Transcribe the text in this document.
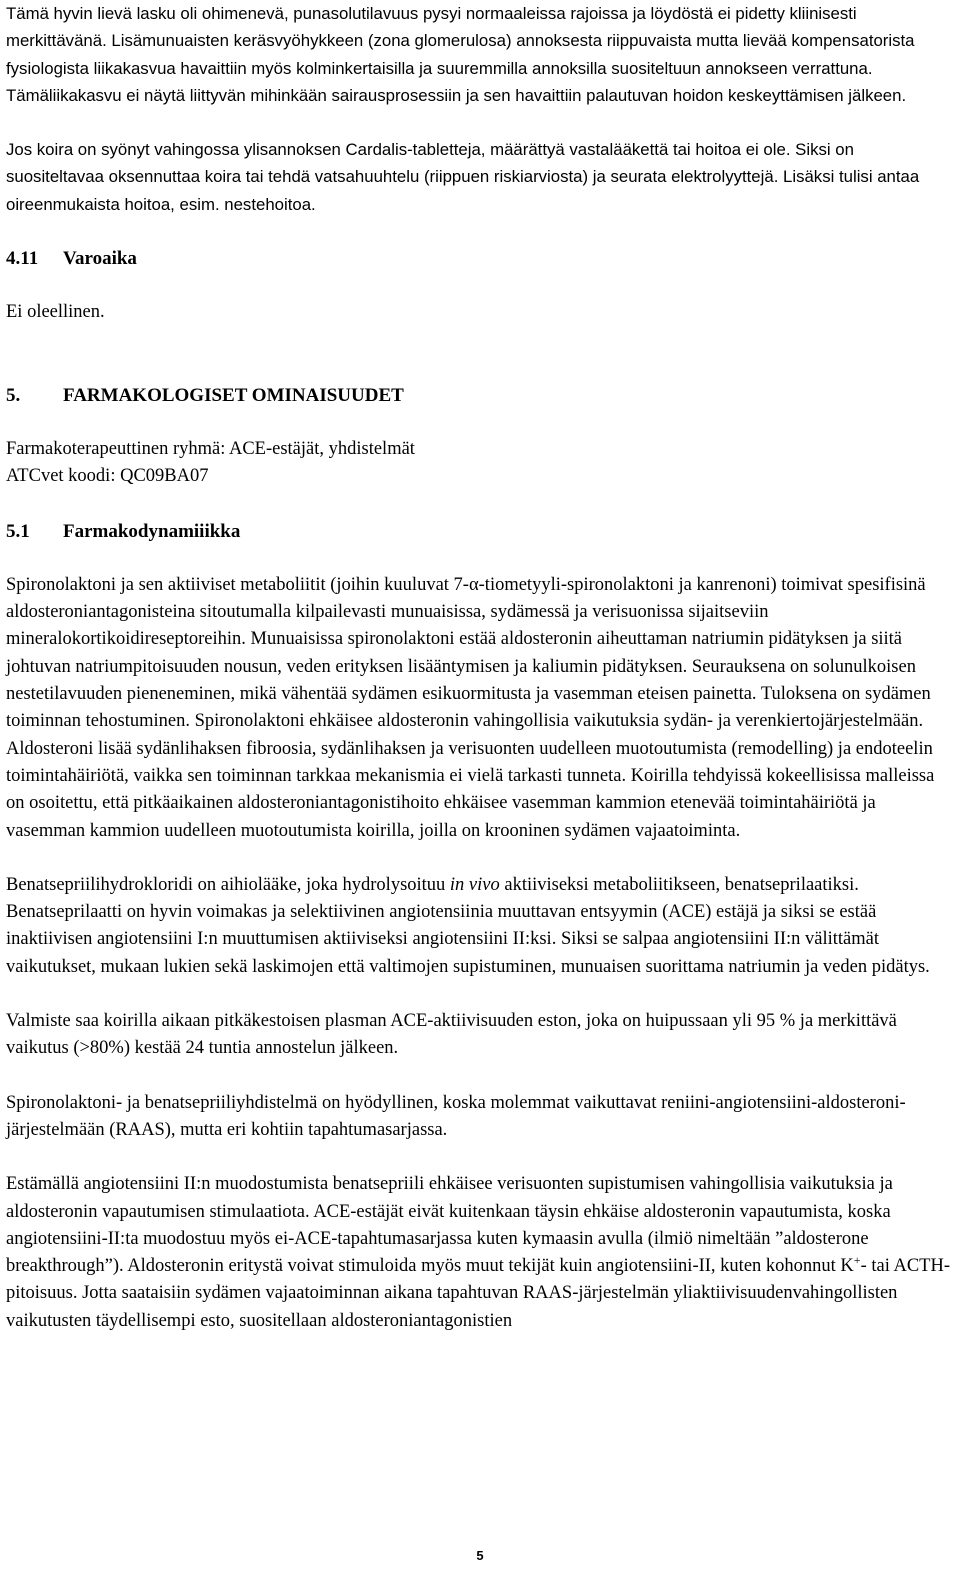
Tämä hyvin lievä lasku oli ohimenevä, punasolutilavuus pysyi normaaleissa rajoissa ja löydöstä ei pidetty kliinisesti merkittävänä. Lisämunuaisten keräsvyöhykkeen (zona glomerulosa) annoksesta riippuvaista mutta lievää kompensatorista fysiologista liikakasvua havaittiin myös kolminkertaisilla ja suuremmilla annoksilla suositeltuun annokseen verrattuna. Tämäliikakasvu ei näytä liittyvän mihinkään sairausprosessiin ja sen havaittiin palautuvan hoidon keskeyttämisen jälkeen.

Jos koira on syönyt vahingossa ylisannoksen Cardalis-tabletteja, määrättyä vastalääkettä tai hoitoa ei ole. Siksi on suositeltavaa oksennuttaa koira tai tehdä vatsahuuhtelu (riippuen riskiarviosta) ja seurata elektrolyyttejä. Lisäksi tulisi antaa oireenmukaista hoitoa, esim. nestehoitoa.

4.11	Varoaika

Ei oleellinen.

5.	FARMAKOLOGISET OMINAISUUDET

Farmakoterapeuttinen ryhmä: ACE-estäjät, yhdistelmät
ATCvet koodi: QC09BA07

5.1	Farmakodynamiiikka

Spironolaktoni ja sen aktiiviset metaboliitit (joihin kuuluvat 7-α-tiometyyli-spironolaktoni ja kanrenoni) toimivat spesifisinä aldosteroniantagonisteina sitoutumalla kilpailevasti munuaisissa, sydämessä ja verisuonissa sijaitseviin mineralokortikoidireseptoreihin. Munuaisissa spironolaktoni estää aldosteronin aiheuttaman natriumin pidätyksen ja siitä johtuvan natriumpitoisuuden nousun, veden erityksen lisääntymisen ja kaliumin pidätyksen. Seurauksena on solunulkoisen nestetilavuuden pieneneminen, mikä vähentää sydämen esikuormitusta ja vasemman eteisen painetta. Tuloksena on sydämen toiminnan tehostuminen. Spironolaktoni ehkäisee aldosteronin vahingollisia vaikutuksia sydän- ja verenkiertojärjestelmään. Aldosteroni lisää sydänlihaksen fibroosia, sydänlihaksen ja verisuonten uudelleen muotoutumista (remodelling) ja endoteelin toimintahäiriötä, vaikka sen toiminnan tarkkaa mekanismia ei vielä tarkasti tunneta. Koirilla tehdyissä kokeellisissa malleissa on osoitettu, että pitkäaikainen aldosteroniantagonistihoito ehkäisee vasemman kammion etenevää toimintahäiriötä ja vasemman kammion uudelleen muotoutumista koirilla, joilla on krooninen sydämen vajaatoiminta.

Benatsepriilihydrokloridi on aihiolääke, joka hydrolysoituu in vivo aktiiviseksi metaboliitikseen, benatseprilaatiksi. Benatseprilaatti on hyvin voimakas ja selektiivinen angiotensiinia muuttavan entsyymin (ACE) estäjä ja siksi se estää inaktiivisen angiotensiini I:n muuttumisen aktiiviseksi angiotensiini II:ksi. Siksi se salpaa angiotensiini II:n välittämät vaikutukset, mukaan lukien sekä laskimojen että valtimojen supistuminen, munuaisen suorittama natriumin ja veden pidätys.

Valmiste saa koirilla aikaan pitkäkestoisen plasman ACE-aktiivisuuden eston, joka on huipussaan yli 95 % ja merkittävä vaikutus (>80%) kestää 24 tuntia annostelun jälkeen.

Spironolaktoni- ja benatsepriiliyhdistelmä on hyödyllinen, koska molemmat vaikuttavat reniini-angiotensiini-aldosteroni-järjestelmään (RAAS), mutta eri kohtiin tapahtumasarjassa.

Estämällä angiotensiini II:n muodostumista benatsepriili ehkäisee verisuonten supistumisen vahingollisia vaikutuksia ja aldosteronin vapautumisen stimulaatiota. ACE-estäjät eivät kuitenkaan täysin ehkäise aldosteronin vapautumista, koska angiotensiini-II:ta muodostuu myös ei-ACE-tapahtumasarjassa kuten kymaasin avulla (ilmiö nimeltään ”aldosterone breakthrough”). Aldosteronin eritystä voivat stimuloida myös muut tekijät kuin angiotensiini-II, kuten kohonnut K+- tai ACTH-pitoisuus. Jotta saataisiin sydämen vajaatoiminnan aikana tapahtuvan RAAS-järjestelmän yliaktiivisuudenvahingollisten vaikutusten täydellisempi esto, suositellaan aldosteroniantagonistien

5
